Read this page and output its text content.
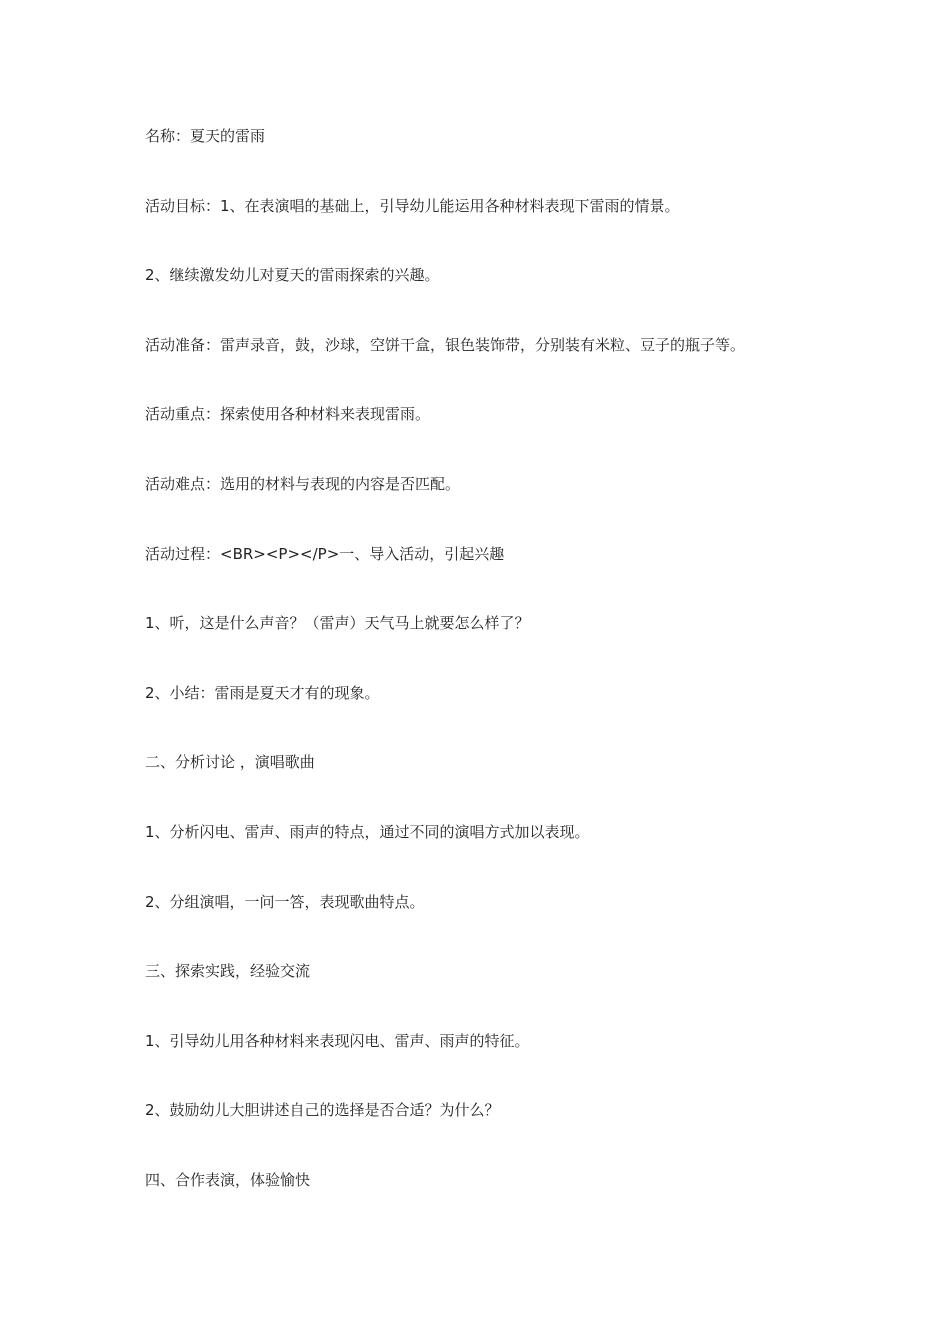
名称：夏天的雷雨

活动目标：1、在表演唱的基础上，引导幼儿能运用各种材料表现下雷雨的情景。

2、继续激发幼儿对夏天的雷雨探索的兴趣。

活动准备：雷声录音，鼓，沙球，空饼干盒，银色装饰带，分别装有米粒、豆子的瓶子等。

活动重点：探索使用各种材料来表现雷雨。

活动难点：选用的材料与表现的内容是否匹配。

活动过程：<BR><P></P>一、导入活动，引起兴趣

1、听，这是什么声音？（雷声）天气马上就要怎么样了？

2、小结：雷雨是夏天才有的现象。

二、分析讨论 ，演唱歌曲

1、分析闪电、雷声、雨声的特点，通过不同的演唱方式加以表现。

2、分组演唱，一问一答，表现歌曲特点。

三、探索实践，经验交流

1、引导幼儿用各种材料来表现闪电、雷声、雨声的特征。

2、鼓励幼儿大胆讲述自己的选择是否合适？为什么？

四、合作表演，体验愉快
